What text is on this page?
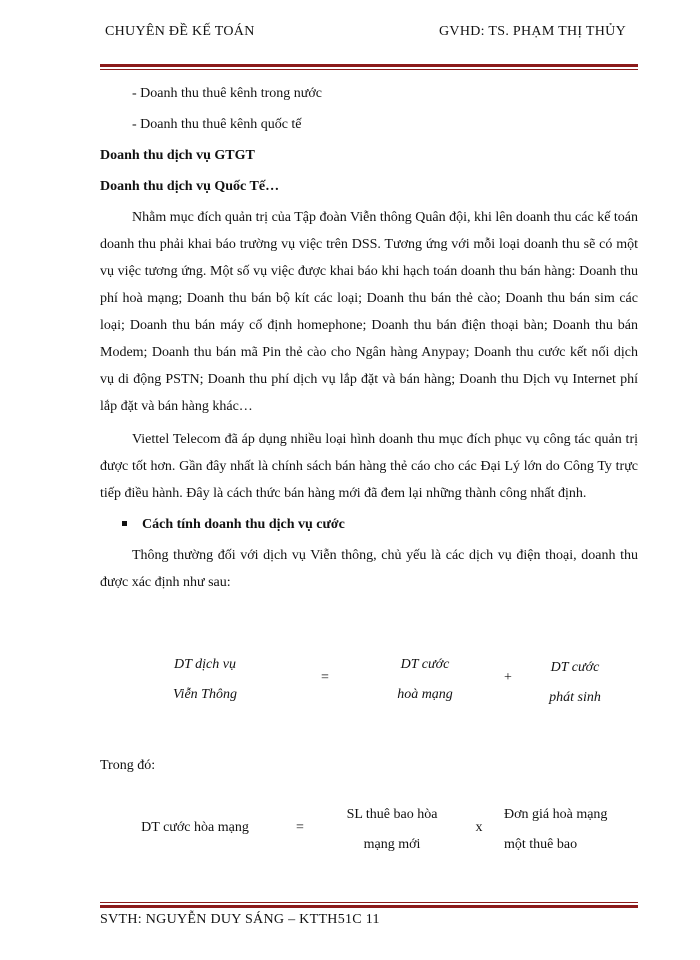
CHUYÊN ĐỀ KẾ TOÁN	GVHD: TS. PHẠM THỊ THỦY
- Doanh thu thuê kênh trong nước
- Doanh thu thuê kênh quốc tế
Doanh thu dịch vụ GTGT
Doanh thu dịch vụ Quốc Tế…

Nhằm mục đích quản trị của Tập đoàn Viễn thông Quân đội, khi lên doanh thu các kế toán doanh thu phải khai báo trường vụ việc trên DSS. Tương ứng với mỗi loại doanh thu sẽ có một vụ việc tương ứng. Một số vụ việc được khai báo khi hạch toán doanh thu bán hàng: Doanh thu phí hoà mạng; Doanh thu bán bộ kít các loại; Doanh thu bán thẻ cào; Doanh thu bán sim các loại; Doanh thu bán máy cố định homephone; Doanh thu bán điện thoại bàn; Doanh thu bán Modem; Doanh thu bán mã Pin thẻ cào cho Ngân hàng Anypay; Doanh thu cước kết nối dịch vụ di động PSTN; Doanh thu phí dịch vụ lắp đặt và bán hàng; Doanh thu Dịch vụ Internet phí lắp đặt và bán hàng khác…

Viettel Telecom đã áp dụng nhiều loại hình doanh thu mục đích phục vụ công tác quản trị được tốt hơn. Gần đây nhất là chính sách bán hàng thẻ cáo cho các Đại Lý lớn do Công Ty trực tiếp điều hành. Đây là cách thức bán hàng mới đã đem lại những thành công nhất định.

Cách tính doanh thu dịch vụ cước

Thông thường đối với dịch vụ Viễn thông, chủ yếu là các dịch vụ điện thoại, doanh thu được xác định như sau:

DT dịch vụ
Viễn Thông
=
DT cước
hoà mạng
+
DT cước
phát sinh
Trong đó:
DT cước hòa mạng	=
SL thuê bao hòa
mạng mới
x
Đơn giá hoà mạng
một thuê bao
SVTH: NGUYỄN DUY SÁNG – KTTH51C 11
